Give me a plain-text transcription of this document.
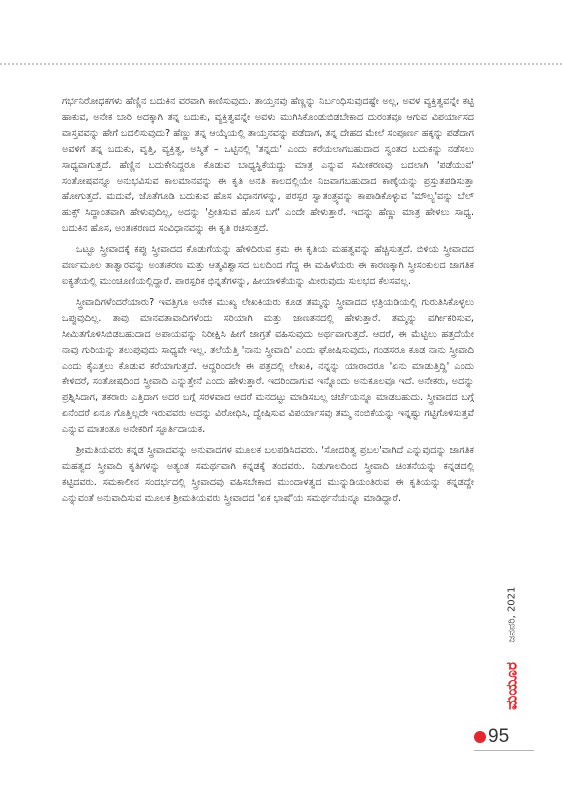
ಗರ್ಭನಿರೋಧಕಗಳು ಹೆಣ್ಣಿನ ಬದುಕಿನ ವರವಾಗಿ ಕಾಣಿಸುವುದು. ತಾಯ್ತನವು ಹೆಣ್ಣನ್ನು ನಿರ್ಬಂಧಿಸುವುದಷ್ಟೇ ಅಲ್ಲ, ಅವಳ ವ್ಯಕ್ತಿತ್ವವನ್ನೇ ಕಟ್ಟಿ ಹಾಕುವ, ಅನೇಕ ಬಾರಿ ಅದಕ್ಕಾಗಿ ತನ್ನ ಬದುಕು, ವ್ಯಕ್ತಿತ್ವವನ್ನೇ ಅವಳು ಮುಗಿಸಿಕೊಂಡುಬಿಡಬೇಕಾದ ದುರಂತವೂ ಆಗುವ ವಿಪರ್ಯಾಸದ ವಾಸ್ತವವನ್ನು ಹೇಗೆ ಬದಲಿಸುವುದು? ಹೆಣ್ಣು ತನ್ನ ಆಯ್ಕೆಯಲ್ಲಿ ತಾಯ್ತನವನ್ನು ಪಡೆದಾಗ, ತನ್ನ ದೇಹದ ಮೇಲೆ ಸಂಪೂರ್ಣ ಹಕ್ಕನ್ನು ಪಡೆದಾಗ ಅವಳಿಗೆ ತನ್ನ ಬದುಕು, ವೃತ್ತಿ, ವ್ಯಕ್ತಿತ್ವ, ಅಸ್ಮಿತೆ – ಒಟ್ಟಿನಲ್ಲಿ 'ತನ್ನದು' ಎಂದು ಕರೆಯಲಾಗಬಹುದಾದ ಸ್ವಂತದ ಬದುಕನ್ನು ನಡೆಸಲು ಸಾಧ್ಯವಾಗುತ್ತದೆ. ಹೆಣ್ಣಿನ ಬದುಕೇನಿದ್ದರೂ ಕೊಡುವ ಬಾಧ್ಯಸ್ಥಿಕೆಯದ್ದು ಮಾತ್ರ ಎನ್ನುವ ಸಮೀಕರಣವು ಬದಲಾಗಿ 'ಪಡೆಯುವ' ಸಂತೋಷವನ್ನೂ ಅನುಭವಿಸುವ ಕಾಲಮಾನವನ್ನು ಈ ಕೃತಿ ಅನತಿ ಕಾಲದಲ್ಲಿಯೇ ನಿಜವಾಗಬಹುದಾದ ಕಾಣ್ಕೆಯನ್ನು ಪ್ರಸ್ತುತಪಡಿಸುತ್ತಾ ಹೋಗುತ್ತದೆ. ಮದುವೆ, ಜೊತೆಗೂಡಿ ಬದುಕುವ ಹೊಸ ವಿಧಾನಗಳನ್ನು, ಪರಸ್ಪರ ಸ್ವಾತಂತ್ರ್ಯವನ್ನು ಕಾಪಾಡಿಕೊಳ್ಳುವ 'ಮೌಲ್ಯ'ವನ್ನು ಬೆಲ್ ಹುಕ್ಸ್ ಸಿದ್ಧಾಂತವಾಗಿ ಹೇಳುವುದಿಲ್ಲ, ಅದನ್ನು 'ಪ್ರೀತಿಸುವ ಹೊಸ ಬಗೆ' ಎಂದೇ ಹೇಳುತ್ತಾರೆ. ಇದನ್ನು ಹೆಣ್ಣು ಮಾತ್ರ ಹೇಳಲು ಸಾಧ್ಯ. ಬದುಕಿನ ಹೊಸ, ಅಂತಃಕರಣದ ಸಂವಿಧಾನವನ್ನು ಈ ಕೃತಿ ರಚಿಸುತ್ತದೆ.

ಒಟ್ಟೂ ಸ್ತ್ರೀವಾದಕ್ಕೆ ಕಪ್ಪು ಸ್ತ್ರೀವಾದದ ಕೊಡುಗೆಯನ್ನು ಹೇಳಿದಿರುವ ಕ್ರಮ ಈ ಕೃತಿಯ ಮಹತ್ವವನ್ನು ಹೆಚ್ಚಿಸುತ್ತದೆ. ಬಿಳಿಯ ಸ್ತ್ರೀವಾದದ ವರ್ಣಮೂಲ ತಾತ್ವಾರವನ್ನು ಅಂತಃಕರಣ ಮತ್ತು ಆತ್ಮವಿಶ್ವಾಸದ ಬಲದಿಂದ ಗೆದ್ದ ಈ ಮಹಿಳೆಯರು ಈ ಕಾರಣಕ್ಕಾಗಿ ಸ್ತ್ರೀಸಂಕುಲದ ಜಾಗತಿಕ ಐಕ್ಯತೆಯಲ್ಲಿ ಮುಂಚೂಣಿಯಲ್ಲಿದ್ದಾರೆ. ಪಾರಸ್ಪರಿಕ ಭಿನ್ನತೆಗಳನ್ನು, ಹೀಯಾಳಿಕೆಯನ್ನು ಮೀರುವುದು ಸುಲಭದ ಕೆಲಸವಲ್ಲ.

ಸ್ತ್ರೀವಾದಿಗಳೆಂದರೆಯಾರು? ಇವತ್ತಿಗೂ ಅನೇಕ ಮುಖ್ಯ ಲೇಖಕಿಯರು ಕೂಡ ತಮ್ಮನ್ನು ಸ್ತ್ರೀವಾದದ ಛತ್ರಿಯಡಿಯಲ್ಲಿ ಗುರುತಿಸಿಕೊಳ್ಳಲು ಒಪ್ಪುವುದಿಲ್ಲ. ತಾವು ಮಾನವತಾವಾದಿಗಳೆಂದು ಸರಿಯಾಗಿ ಮತ್ತು ಜಾಣತನದಲ್ಲಿ ಹೇಳುತ್ತಾರೆ. ತಮ್ಮನ್ನು ವರ್ಗೀಕರಿಸುವ, ಸೀಮಿತಗೊಳಿಸಿಬಿಡಬಹುದಾದ ಅಪಾಯವನ್ನು ನಿರೀಕ್ಷಿಸಿ ಹೀಗೆ ಜಾಗ್ರತೆ ವಹಿಸುವುದು ಅರ್ಥವಾಗುತ್ತದೆ. ಆದರೆ, ಈ ಮೆಟ್ಟಿಲು ಹತ್ತದೆಯೇ ನಾವು ಗುರಿಯನ್ನು ತಲುಪುವುದು ಸಾಧ್ಯವೇ ಇಲ್ಲ. ತಲೆಯೆತ್ತಿ 'ನಾನು ಸ್ತ್ರೀವಾದಿ' ಎಂದು ಘೋಷಿಸುವುದು, ಗಂಡಸರೂ ಕೂಡ ನಾನು ಸ್ತ್ರೀವಾದಿ ಎಂದು ಕೈಎತ್ತಲು ಕೊಡುವ ಕರೆಯಾಗುತ್ತದೆ. ಆದ್ದರಿಂದಲೇ ಈ ಪತ್ರದಲ್ಲಿ ಲೇಖಕಿ, ನನ್ನನ್ನು ಯಾರಾದರೂ 'ಏನು ಮಾಡುತ್ತಿದ್ದಿ' ಎಂದು ಕೇಳಿದರೆ, ಸಂತೋಷದಿಂದ ಸ್ತ್ರೀವಾದಿ ಎನ್ನುತ್ತೇನೆ ಎಂದು ಹೇಳುತ್ತಾರೆ. ಇದರಿಂದಾಗುವ ಇನ್ನೊಂದು ಅನುಕೂಲವೂ ಇದೆ. ಅನೇಕರು, ಅದನ್ನು ಪ್ರಶ್ನಿಸಿದಾಗ, ತಕರಾರು ಎತ್ತಿದಾಗ ಅದರ ಬಗ್ಗೆ ಸರಳವಾದ ಆದರೆ ಮನದಟ್ಟು ಮಾಡಿಸಬಲ್ಲ ಚರ್ಚೆಯನ್ನೂ ಮಾಡಬಹುದು. ಸ್ತ್ರೀವಾದದ ಬಗ್ಗೆ ಏನೆಂದರೆ ಏನೂ ಗೊತ್ತಿಲ್ಲದೇ ಇರುವವರು ಅದನ್ನು ವಿರೋಧಿಸಿ, ದ್ವೇಷಿಸುವ ವಿಪರ್ಯಾಸವು ತಮ್ಮ ನಂಬಿಕೆಯನ್ನು ಇನ್ನಷ್ಟು ಗಟ್ಟಿಗೊಳಿಸುತ್ತವೆ ಎನ್ನುವ ಮಾತಂತೂ ಅನೇಕರಿಗೆ ಸ್ಫೂರ್ತಿದಾಯಕ.

ಶ್ರೀಮತಿಯವರು ಕನ್ನಡ ಸ್ತ್ರೀವಾದವನ್ನು ಅನುವಾದಗಳ ಮೂಲಕ ಬಲಪಡಿಸಿದವರು. 'ಸೋದರಿತ್ವ ಪ್ರಬಲ'ವಾಗಿದೆ ಎನ್ನುವುದನ್ನು ಜಾಗತಿಕ ಮಹತ್ವದ ಸ್ತ್ರೀವಾದಿ ಕೃತಿಗಳನ್ನು ಅತ್ಯಂತ ಸಮರ್ಥವಾಗಿ ಕನ್ನಡಕ್ಕೆ ತಂದವರು. ನಿಡುಗಾಲದಿಂದ ಸ್ತ್ರೀವಾದಿ ಚಿಂತನೆಯನ್ನು ಕನ್ನಡದಲ್ಲಿ ಕಟ್ಟಿದವರು. ಸಮಕಾಲೀನ ಸಂದರ್ಭದಲ್ಲಿ ಸ್ತ್ರೀವಾದವು ವಹಿಸಬೇಕಾದ ಮುಂದಾಳತ್ವದ ಮುನ್ನುಡಿಯಂತಿರುವ ಈ ಕೃತಿಯನ್ನು ಕನ್ನಡದ್ದೇ ಎನ್ನುವಂತೆ ಅನುವಾದಿಸುವ ಮೂಲಕ ಶ್ರೀಮತಿಯವರು ಸ್ತ್ರೀವಾದದ 'ಏಕ ಭಾಷೆ'ಯ ಸಮರ್ಥನೆಯನ್ನೂ ಮಾಡಿದ್ದಾರೆ.

ಜನವರಿ, 2021
ಮಯೂರ
95
